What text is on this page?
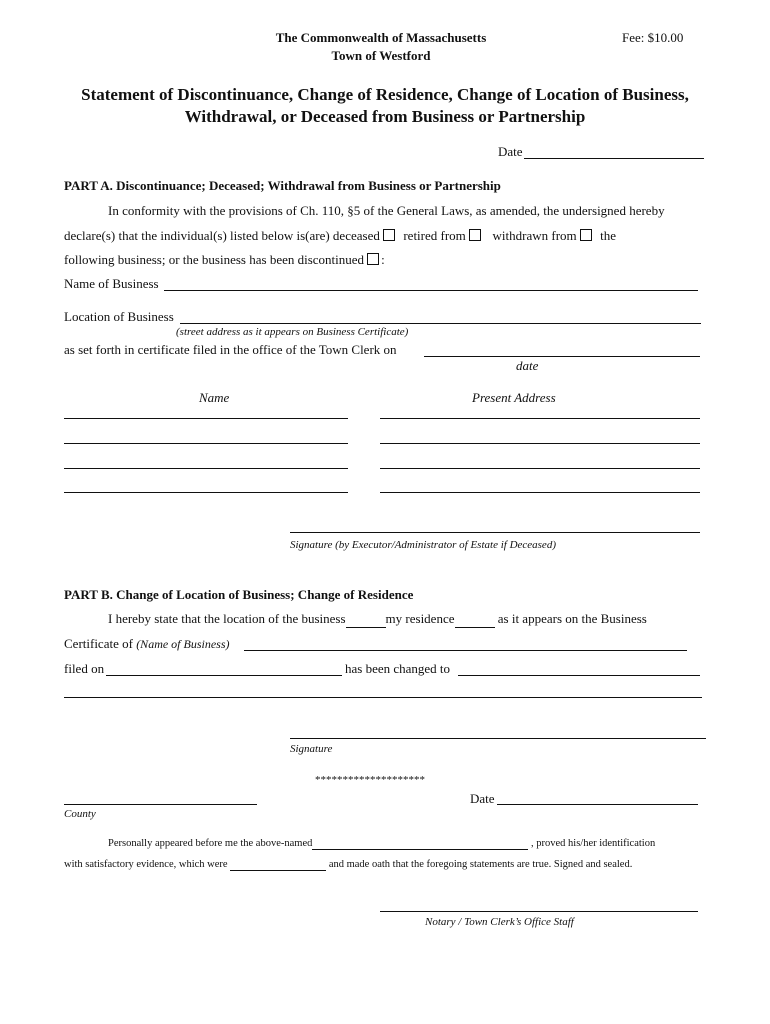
The Commonwealth of Massachusetts
Town of Westford
Fee: $10.00
Statement of Discontinuance, Change of Residence, Change of Location of Business,
Withdrawal, or Deceased from Business or Partnership
Date
PART A. Discontinuance; Deceased; Withdrawal from Business or Partnership
In conformity with the provisions of Ch. 110, §5 of the General Laws, as amended, the undersigned hereby
declare(s) that the individual(s) listed below is(are) deceased retired from withdrawn from the
following business; or the business has been discontinued :
Name of Business
Location of Business
(street address as it appears on Business Certificate)
as set forth in certificate filed in the office of the Town Clerk on
date
Name	Present Address
Signature (by Executor/Administrator of Estate if Deceased)
PART B. Change of Location of Business; Change of Residence
I hereby state that the location of the business	my residence	as it appears on the Business
Certificate of (Name of Business)
filed on	has been changed to
Signature
********************
County
Date
Personally appeared before me the above-named	, proved his/her identification
with satisfactory evidence, which were	and made oath that the foregoing statements are true. Signed and sealed.
Notary / Town Clerk’s Office Staff
